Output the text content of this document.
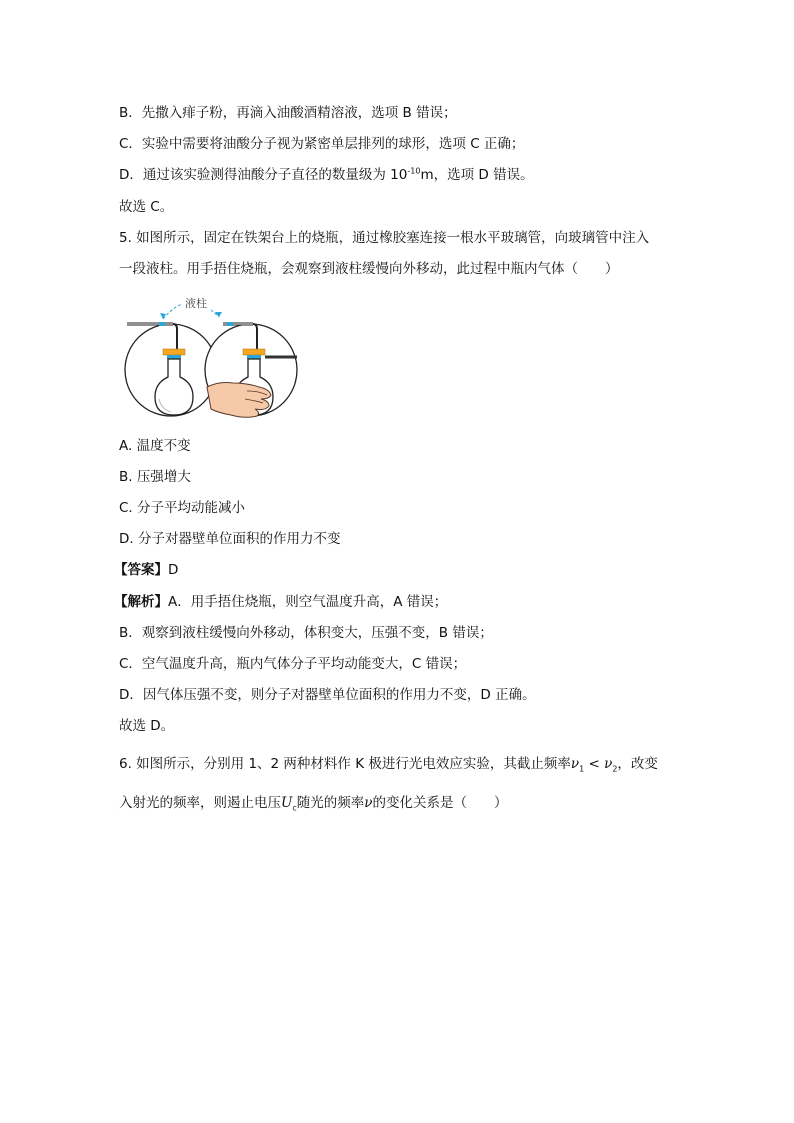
B．先撒入痱子粉，再滴入油酸酒精溶液，选项 B 错误；
C．实验中需要将油酸分子视为紧密单层排列的球形，选项 C 正确；
D．通过该实验测得油酸分子直径的数量级为 $10^{-10}m$，选项 D 错误。
故选 C。
5. 如图所示，固定在铁架台上的烧瓶，通过橡胶塞连接一根水平玻璃管，向玻璃管中注入
一段液柱。用手捂住烧瓶，会观察到液柱缓慢向外移动，此过程中瓶内气体（　　）
液柱
A. 温度不变
B. 压强增大
C. 分子平均动能减小
D. 分子对器壁单位面积的作用力不变
【答案】D
【解析】A．用手捂住烧瓶，则空气温度升高，A 错误；
B．观察到液柱缓慢向外移动，体积变大，压强不变，B 错误；
C．空气温度升高，瓶内气体分子平均动能变大，C 错误；
D．因气体压强不变，则分子对器壁单位面积的作用力不变，D 正确。
故选 D。
6. 如图所示，分别用 1、2 两种材料作 K 极进行光电效应实验，其截止频率$\nu_1 < \nu_2$，改变
入射光的频率，则遏止电压$U_c$随光的频率ν的变化关系是（　　）
